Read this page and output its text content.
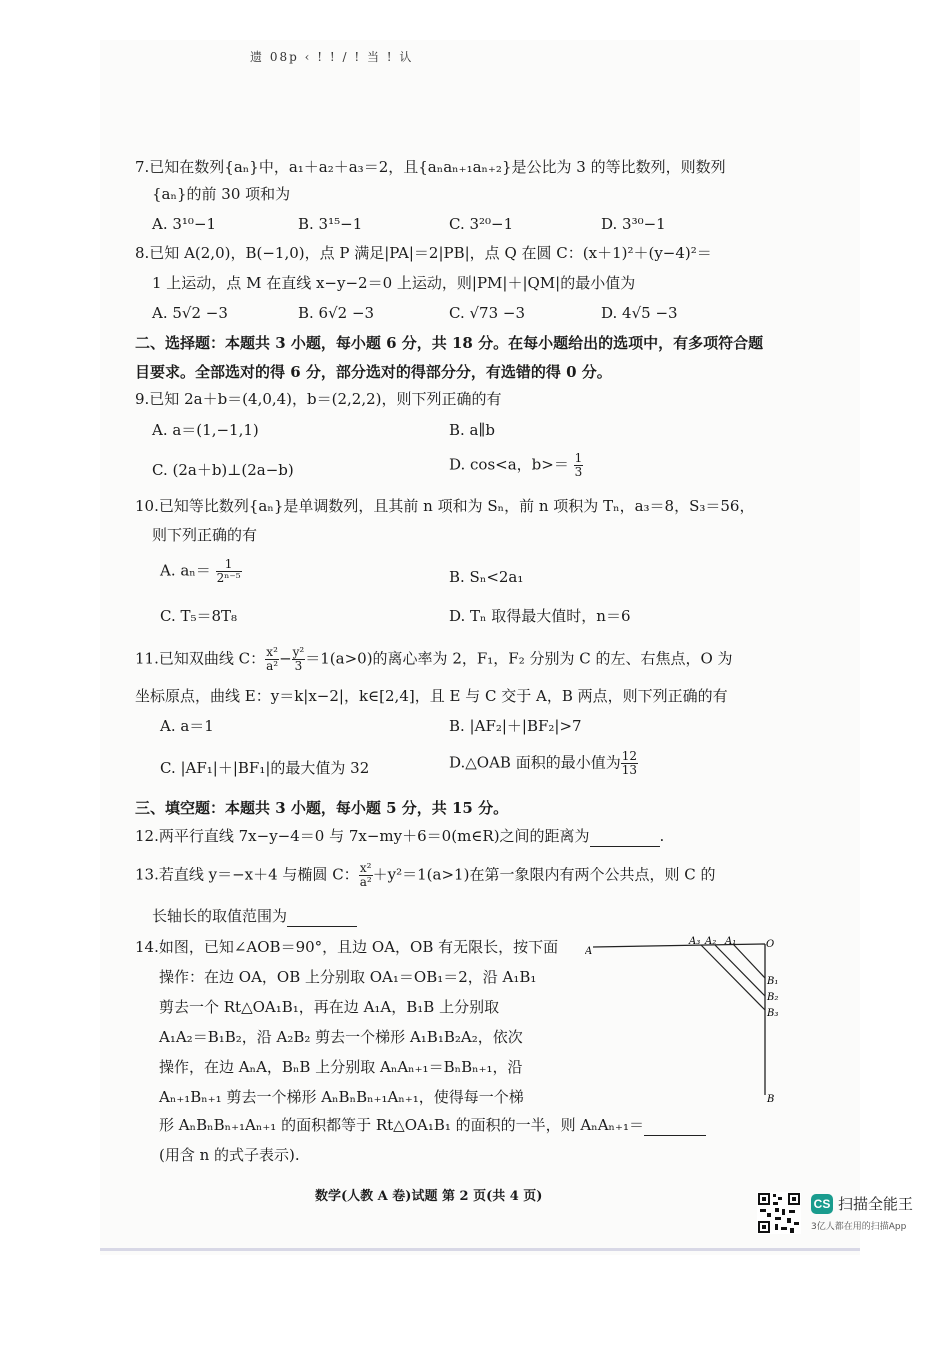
遗 08p ‹ ! ! / ! 当 ! 认
7.已知在数列{aₙ}中，a₁＋a₂＋a₃＝2，且{aₙaₙ₊₁aₙ₊₂}是公比为 3 的等比数列，则数列
{aₙ}的前 30 项和为
A. 3¹⁰−1	B. 3¹⁵−1	C. 3²⁰−1	D. 3³⁰−1
8.已知 A(2,0)，B(−1,0)，点 P 满足|PA|＝2|PB|，点 Q 在圆 C：(x＋1)²＋(y−4)²＝
1 上运动，点 M 在直线 x−y−2＝0 上运动，则|PM|＋|QM|的最小值为
A. 5√2 −3	B. 6√2 −3	C. √73 −3	D. 4√5 −3
二、选择题：本题共 3 小题，每小题 6 分，共 18 分。在每小题给出的选项中，有多项符合题
目要求。全部选对的得 6 分，部分选对的得部分分，有选错的得 0 分。
9.已知 2a＋b＝(4,0,4)，b＝(2,2,2)，则下列正确的有
A. a＝(1,−1,1)	B. a∥b
C. (2a＋b)⊥(2a−b)	D. cos<a，$b>= \frac{1}{3}$
10.已知等比数列{aₙ}是单调数列，且其前 n 项和为 Sₙ，前 n 项积为 Tₙ，a₃＝8，S₃＝56，
则下列正确的有
A. $a_n= \frac{1}{\text{2ⁿ⁻⁵}}$	B. Sₙ<2a₁
C. T₅＝8T₈	D. Tₙ 取得最大值时，n＝6
11.已知双曲线 C： $\frac{\text{x²}}{\text{a²}} - \frac{\text{y²}}{3} =1(a>0)$的离心率为 2，F₁，F₂ 分别为 C 的左、右焦点，O 为
坐标原点，曲线 E：y＝k|x−2|，k∈[2,4]，且 E 与 C 交于 A，B 两点，则下列正确的有
A. a＝1	B. |AF₂|＋|BF₂|>7
C. |AF₁|＋|BF₁|的最大值为 32	D.△OAB 面积的最小值为 $\frac{12}{13}$
三、填空题：本题共 3 小题，每小题 5 分，共 15 分。
12.两平行直线 7x−y−4＝0 与 7x−my＋6＝0(m∈R)之间的距离为	.
13.若直线 y＝−x＋4 与椭圆 C： $\frac{\text{x²}}{\text{a²}} +y^2=1(a>1)$在第一象限内有两个公共点，则 C 的
长轴长的取值范围为
14.如图，已知∠AOB＝90°，且边 OA，OB 有无限长，按下面
操作：在边 OA，OB 上分别取 OA₁＝OB₁＝2，沿 A₁B₁
剪去一个 Rt△OA₁B₁，再在边 A₁A，B₁B 上分别取
A₁A₂＝B₁B₂，沿 A₂B₂ 剪去一个梯形 A₁B₁B₂A₂，依次
操作，在边 AₙA，BₙB 上分别取 AₙAₙ₊₁＝BₙBₙ₊₁，沿
Aₙ₊₁Bₙ₊₁ 剪去一个梯形 AₙBₙBₙ₊₁Aₙ₊₁，使得每一个梯
形 AₙBₙBₙ₊₁Aₙ₊₁ 的面积都等于 Rt△OA₁B₁ 的面积的一半，则 AₙAₙ₊₁＝
(用含 n 的式子表示).
A
A₃ A₂ A₁	O
B₁
B₂
B₃
B
数学(人教 A 卷)试题 第 2 页(共 4 页)	CS 扫描全能王
3亿人都在用的扫描App
